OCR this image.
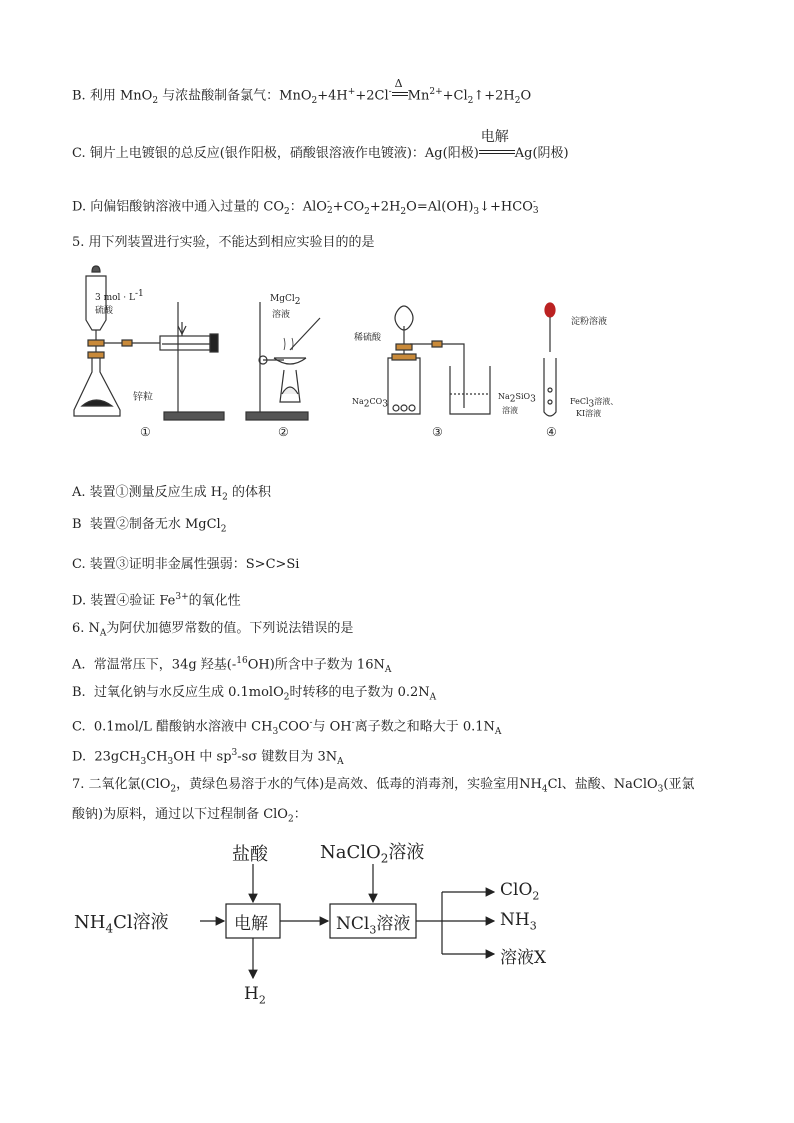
B. 利用 MnO$_2$ 与浓盐酸制备氯气：MnO$_2$+4H++2Cl-
Δ
$Mn^{2+}+Cl_2↑+2H_2O$
C. 铜片上电镀银的总反应(银作阳极，硝酸银溶液作电镀液)：Ag(阳极)
电解
Ag(阴极)
D. 向偏铝酸钠溶液中通入过量的 $CO_2$：AlO -
$2 +CO_2+2H_2O=Al(OH)_3↓+HCO$ -
3
5. 用下列装置进行实验，不能达到相应实验目的的是
3 mol · $L^{-1}$
硫酸
锌粒
MgCl$_2$
溶液
稀硫酸
$Na_2CO_3$
$Na_2SiO_3$
溶液
淀粉溶液
FeCl$_3$溶液、
KI溶液
①	②	③	④
A. 装置①测量反应生成 $H_2$ 的体积
B 装置②制备无水 MgCl$_2$
C. 装置③证明非金属性强弱：S>C>Si
D. 装置④验证 $Fe^{3+}$的氧化性
6. $N_A$为阿伏加德罗常数的值。下列说法错误的是
A. 常温常压下，34g 羟基(-$^{16}$OH)所含中子数为 $16N_A$
B. 过氧化钠与水反应生成 0.1molO$_2$时转移的电子数为 $0.2N_A$
C. 0.1mol/L 醋酸钠水溶液中 $CH_3COO^-$与 OH-离子数之和略大于 $0.1N_A$
D. $23gCH_3CH_3OH$ 中 $sp^3-s\sigma$ 键数目为 $3N_A$
7. 二氧化氯(ClO$_2$，黄绿色易溶于水的气体)是高效、低毒的消毒剂，实验室用$NH_4Cl$、盐酸、NaClO$_3$(亚氯
酸钠)为原料，通过以下过程制备 ClO$_2$：
盐酸	NaClO$_2$溶液
$NH_4Cl$溶液	电解	NCl$_3$溶液
$H_2$
ClO$_2$
$NH_3$
溶液X
